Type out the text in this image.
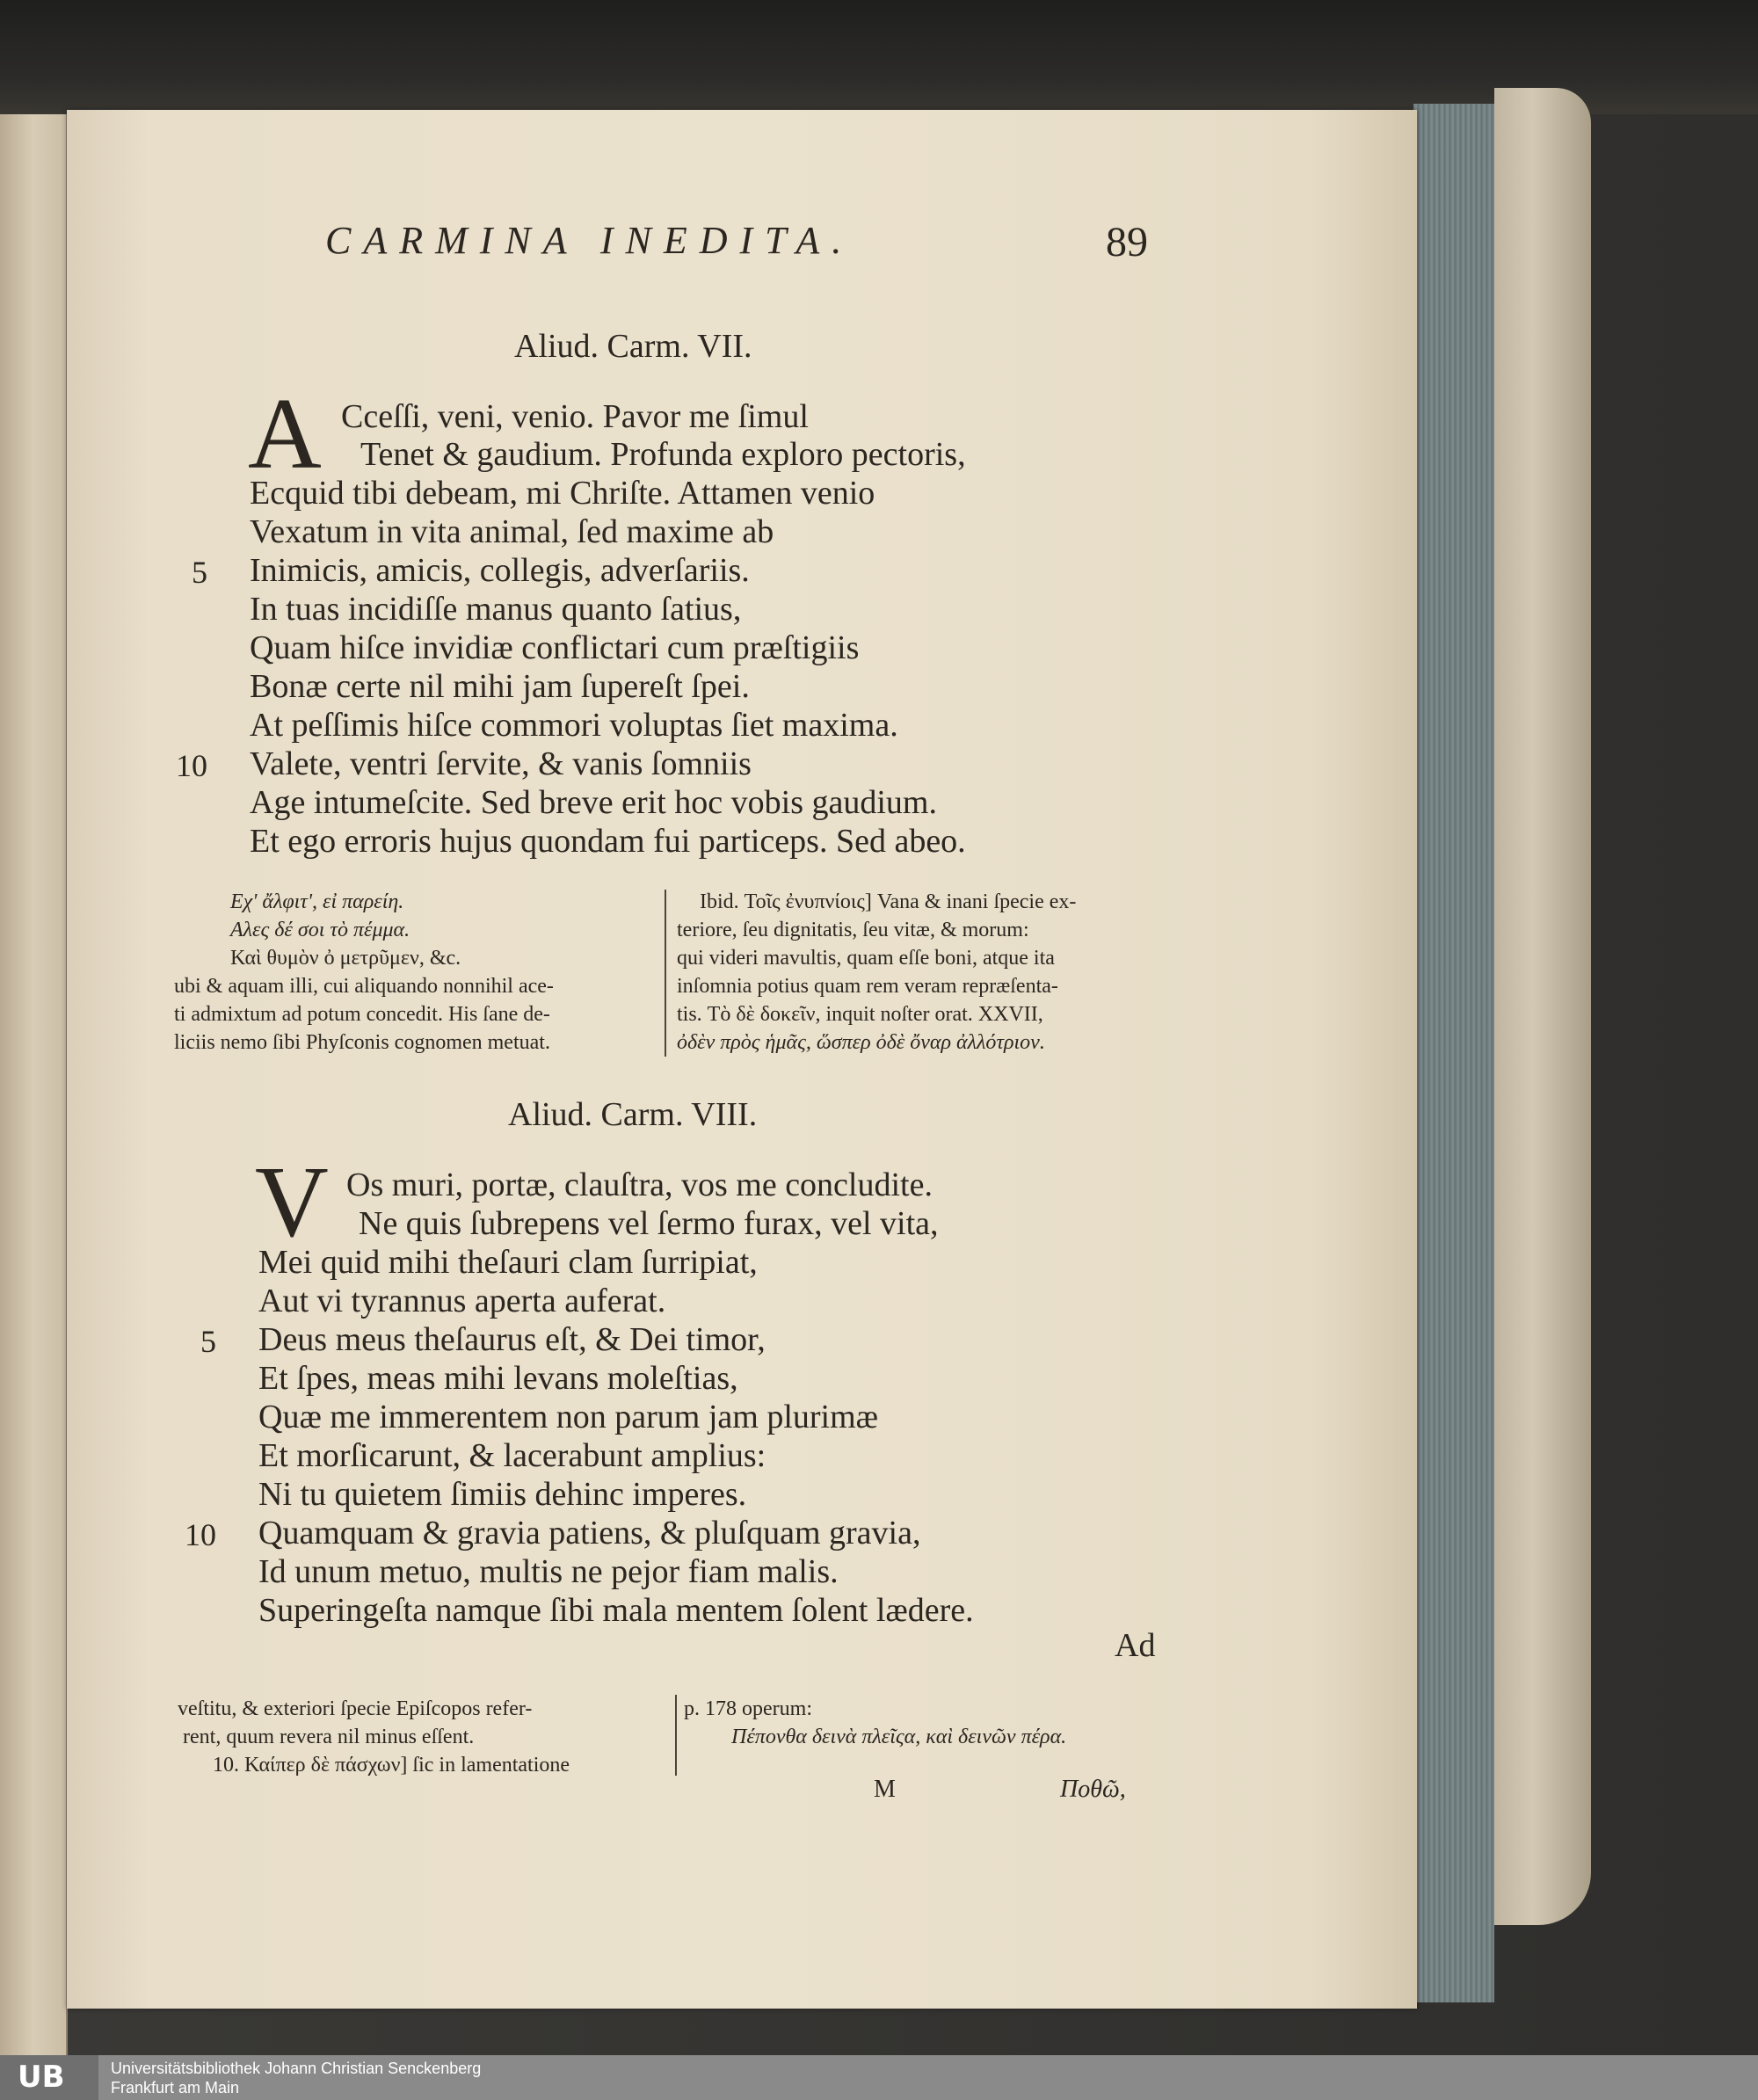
CARMINA INEDITA.	89
Aliud. Carm. VII.
A Cceſſi, veni, venio. Pavor me ſimul
Tenet & gaudium. Profunda exploro pectoris,
Ecquid tibi debeam, mi Chriſte. Attamen venio
Vexatum in vita animal, ſed maxime ab
5 Inimicis, amicis, collegis, adverſariis.
In tuas incidiſſe manus quanto ſatius,
Quam hiſce invidiæ conflictari cum præſtigiis
Bonæ certe nil mihi jam ſupereſt ſpei.
At peſſimis hiſce commori voluptas ſiet maxima.
10 Valete, ventri ſervite, & vanis ſomniis
Age intumeſcite. Sed breve erit hoc vobis gaudium.
Et ego erroris hujus quondam fui particeps. Sed abeo.
Εχ' ἄλφιτ', εἰ παρείη.
Αλες δέ σοι τὸ πέμμα.
Καὶ θυμὸν ὀ μετρῦμεν, &c.
ubi & aquam illi, cui aliquando nonnihil ace-
ti admixtum ad potum concedit. His ſane de-
liciis nemo ſibi Phyſconis cognomen metuat.
Ibid. Τοῖς ἐνυπνίοις] Vana & inani ſpecie ex-
teriore, ſeu dignitatis, ſeu vitæ, & morum:
qui videri mavultis, quam eſſe boni, atque ita
inſomnia potius quam rem veram repræſenta-
tis. Τὸ δὲ δοκεῖν, inquit noſter orat. XXVII,
ὀδὲν πρὸς ἡμᾶς, ὥσπερ ὀδὲ ὄναρ ἀλλότριον.
Aliud. Carm. VIII.
V Os muri, portæ, clauſtra, vos me concludite.
Ne quis ſubrepens vel ſermo furax, vel vita,
Mei quid mihi theſauri clam ſurripiat,
Aut vi tyrannus aperta auferat.
5 Deus meus theſaurus eſt, & Dei timor,
Et ſpes, meas mihi levans moleſtias,
Quæ me immerentem non parum jam plurimæ
Et morſicarunt, & lacerabunt amplius:
Ni tu quietem ſimiis dehinc imperes.
10 Quamquam & gravia patiens, & pluſquam gravia,
Id unum metuo, multis ne pejor fiam malis.
Superingeſta namque ſibi mala mentem ſolent lædere.
Ad
veſtitu, & exteriori ſpecie Epiſcopos refer-
rent, quum revera nil minus eſſent.
10. Καίπερ δὲ πάσχων] ſic in lamentatione
p. 178 operum:
Πέπονθα δεινὰ πλεῖςα, καὶ δεινῶν πέρα.
M	Ποθῶ,
UB	Universitätsbibliothek Johann Christian Senckenberg
Frankfurt am Main
